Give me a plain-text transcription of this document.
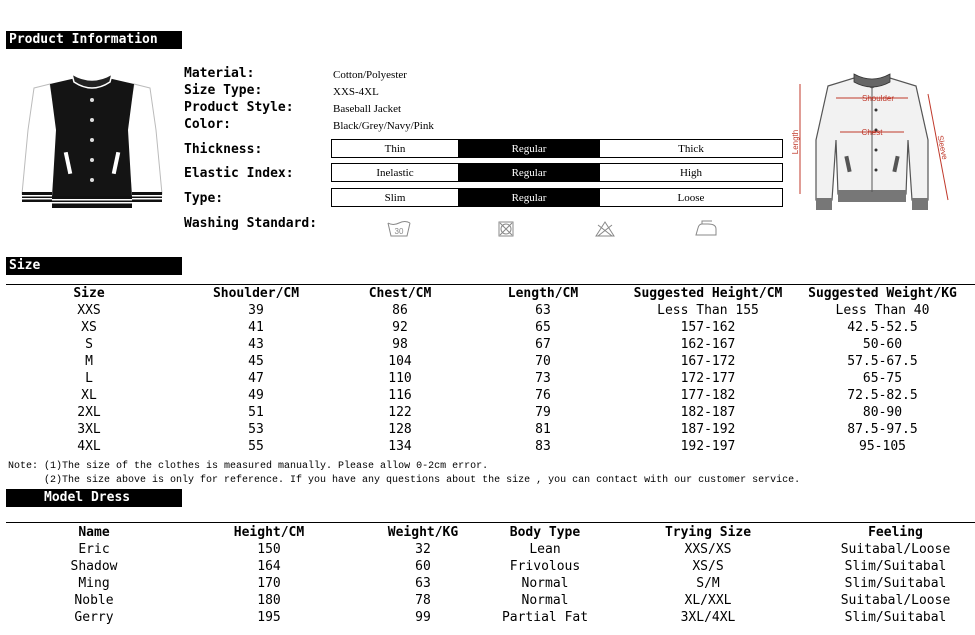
Product Information
Material:	Cotton/Polyester
Size Type:	XXS-4XL
Product Style:	Baseball Jacket
Color:	Black/Grey/Navy/Pink
Thickness:	Thin	Regular	Thick
Elastic Index:	Inelastic	Regular	High
Type:	Slim	Regular	Loose
Washing Standard:
30
Shoulder
Chest
Length	Sleeve
Size
Size	Shoulder/CM	Chest/CM	Length/CM	Suggested Height/CM	Suggested Weight/KG
XXS	39	86	63	Less Than 155	Less Than 40
XS	41	92	65	157-162	42.5-52.5
S	43	98	67	162-167	50-60
M	45	104	70	167-172	57.5-67.5
L	47	110	73	172-177	65-75
XL	49	116	76	177-182	72.5-82.5
2XL	51	122	79	182-187	80-90
3XL	53	128	81	187-192	87.5-97.5
4XL	55	134	83	192-197	95-105
Note: (1)The size of the clothes is measured manually. Please allow 0-2cm error.
(2)The size above is only for reference. If you have any questions about the size , you can contact with our customer service.
Model Dress
Name	Height/CM	Weight/KG	Body Type	Trying Size	Feeling
Eric	150	32	Lean	XXS/XS	Suitabal/Loose
Shadow	164	60	Frivolous	XS/S	Slim/Suitabal
Ming	170	63	Normal	S/M	Slim/Suitabal
Noble	180	78	Normal	XL/XXL	Suitabal/Loose
Gerry	195	99	Partial Fat	3XL/4XL	Slim/Suitabal
